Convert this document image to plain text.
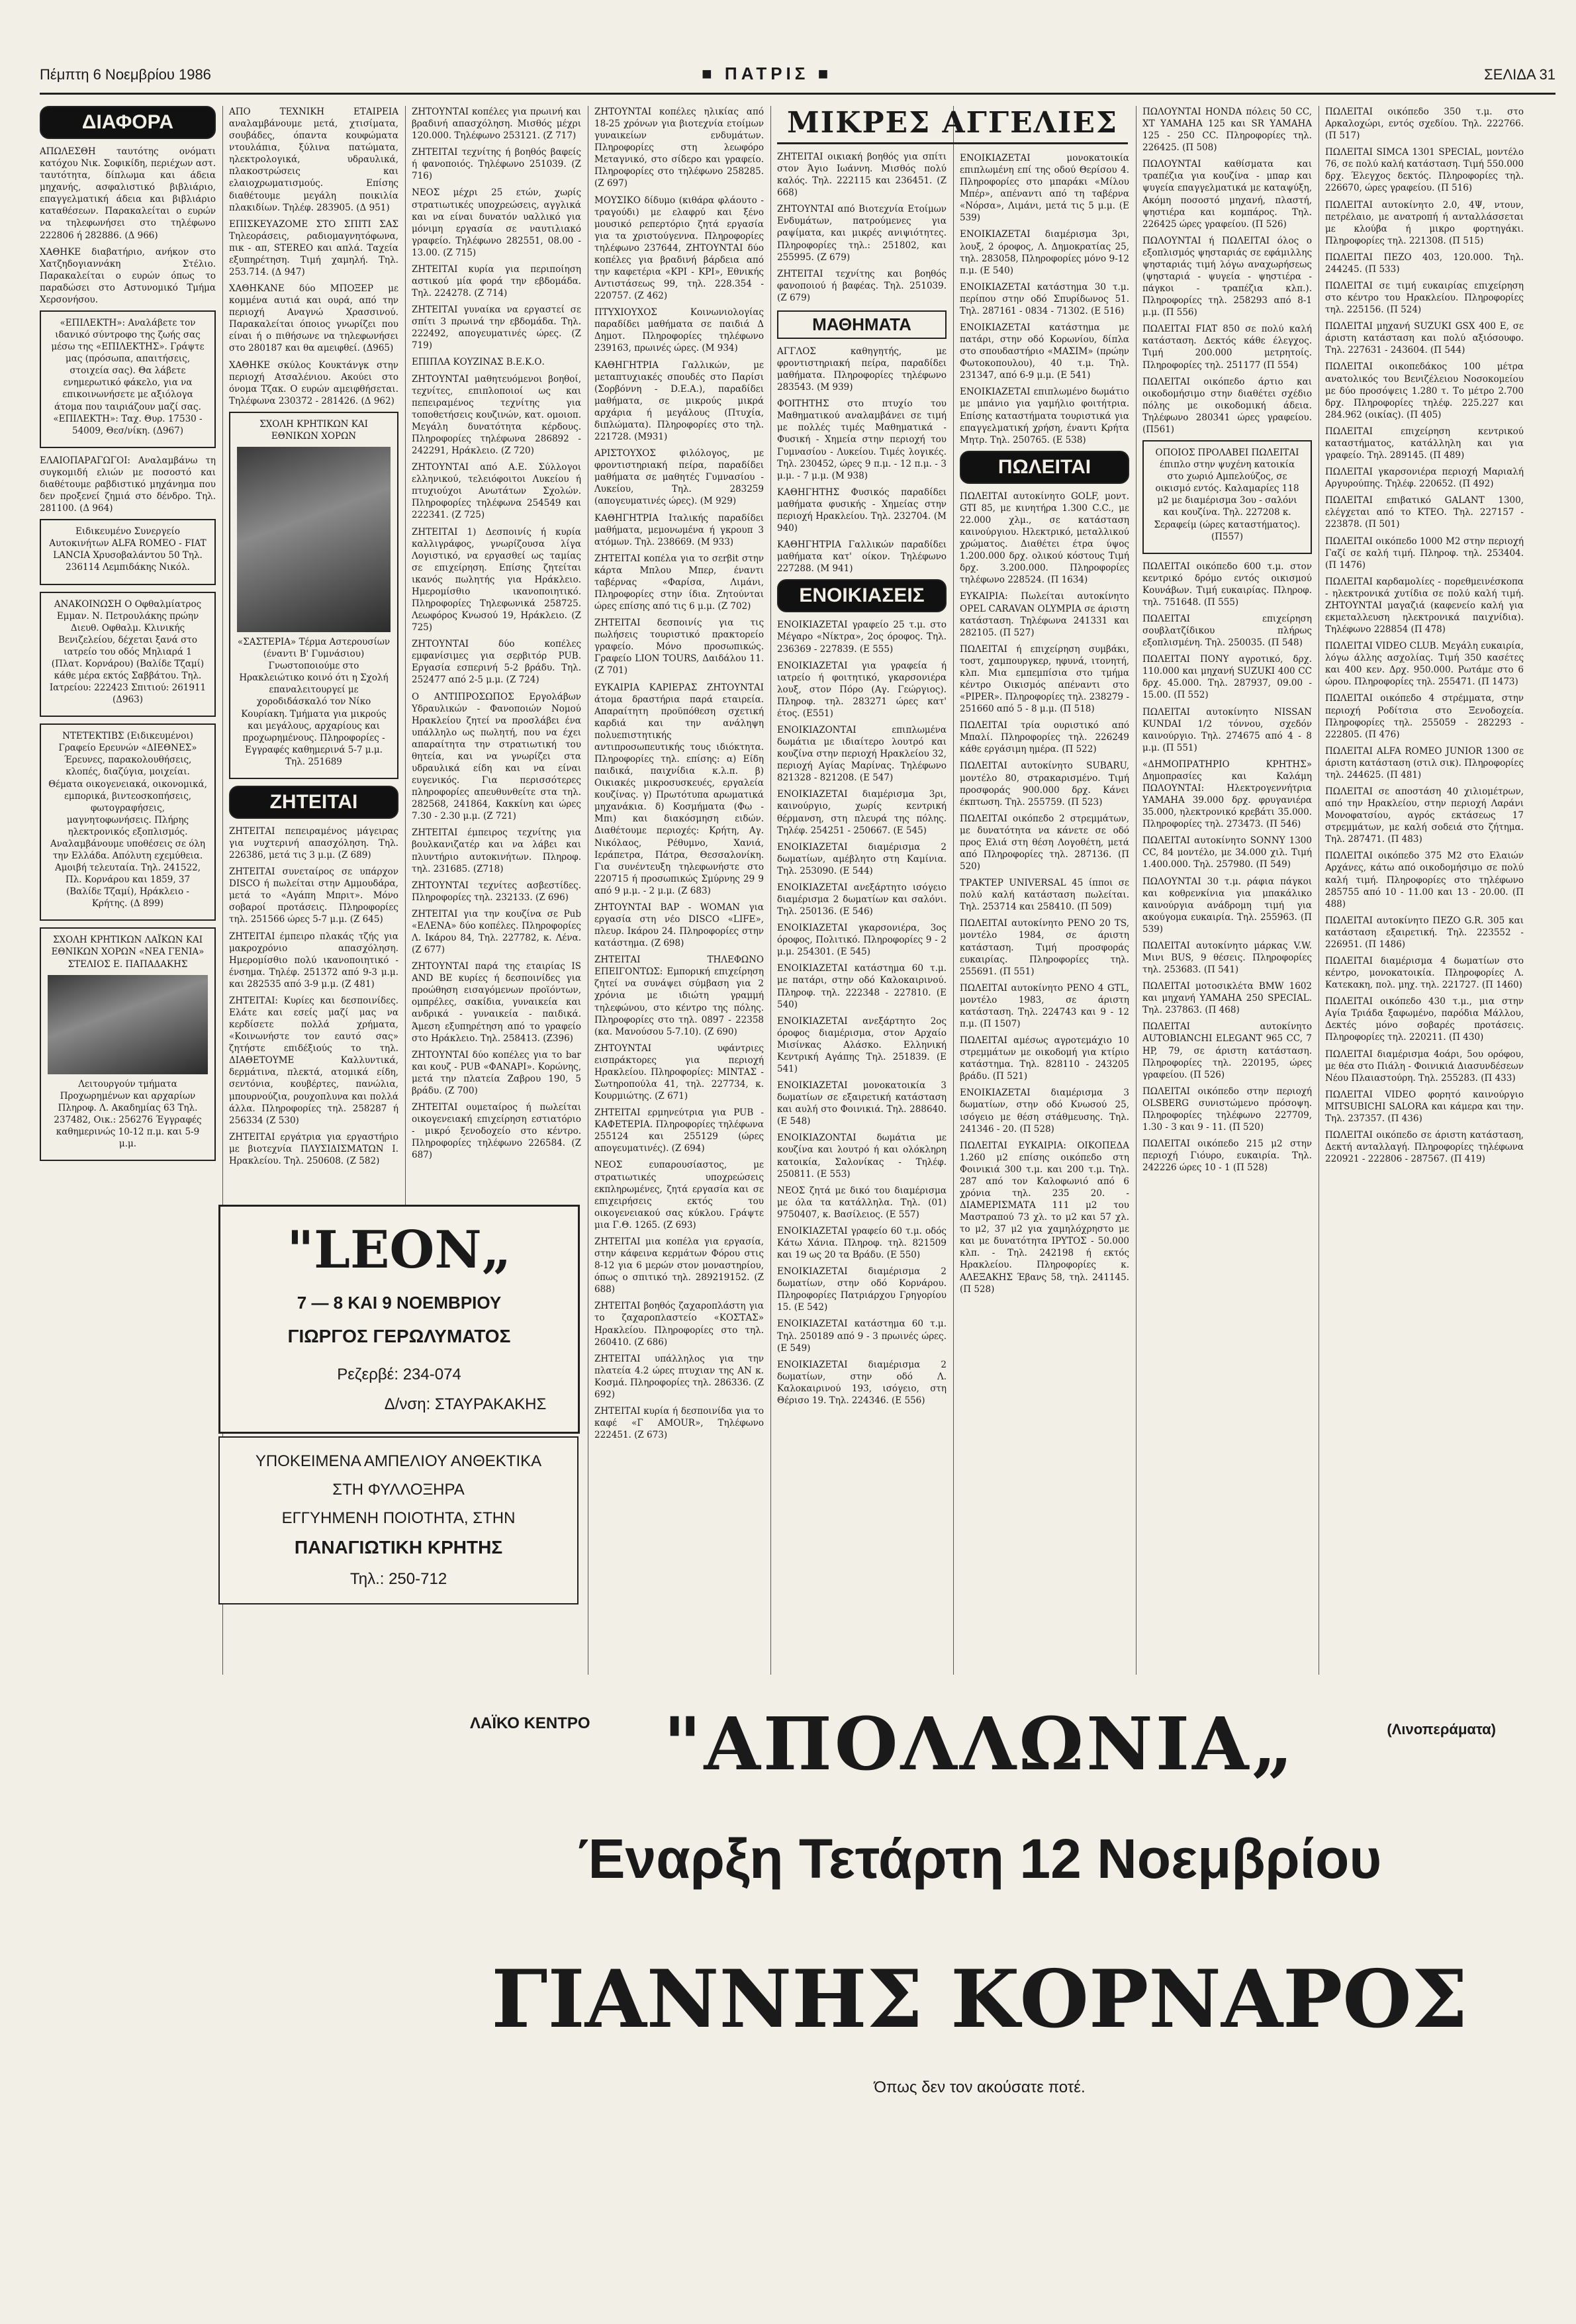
Πέμπτη 6 Νοεμβρίου 1986	■ ΠΑΤΡΙΣ ■	ΣΕΛΙΔΑ 31
ΔΙΑΦΟΡΑ

ΑΠΩΛΕΣΘΗ ταυτότης ονόματι κατόχου Νικ. Σοφικίδη, περιέχων αστ. ταυτότητα, δίπλωμα και άδεια μηχανής, ασφαλιστικό βιβλιάριο, επαγγελματική άδεια και βιβλιάριο καταθέσεων. Παρακαλείται ο ευρών να τηλεφωνήσει στο τηλέφωνο 222806 ή 282886. (Δ 966)

ΧΑΘΗΚΕ διαβατήριο, ανήκον στο Χατζηδογιαννάκη Στέλιο. Παρακαλείται ο ευρών όπως το παραδώσει στο Αστυνομικό Τμήμα Χερσονήσου.

«ΕΠΙΛΕΚΤΗ»: Αναλάβετε τον ιδανικό σύντροφο της ζωής σας μέσω της «ΕΠΙΛΕΚΤΗΣ». Γράψτε μας (πρόσωπα, απαιτήσεις, στοιχεία σας). Θα λάβετε ενημερωτικό φάκελο, για να επικοινωνήσετε με αξιόλογα άτομα που ταιριάζουν μαζί σας. «ΕΠΙΛΕΚΤΗ»: Ταχ. Θυρ. 17530 - 54009, Θεσ/νίκη. (Δ967)

ΕΛΑΙΟΠΑΡΑΓΩΓΟΙ: Αναλαμβάνω τη συγκομιδή ελιών με ποσοστό και διαθέτουμε ραβδιστικό μηχάνημα που δεν προξενεί ζημιά στο δένδρο. Τηλ. 281100. (Δ 964)

Ειδικευμένο Συνεργείο Αυτοκινήτων ALFA ROMEO - FIAT LANCIA Χρυσοβαλάντου 50 Τηλ. 236114 Λεμπιδάκης Νικόλ.

ΑΝΑΚΟΙΝΩΣΗ Ο Οφθαλμίατρος Εμμαν. Ν. Πετρουλάκης πρώην Διευθ. Οφθαλμ. Κλινικής Βενιζελείου, δέχεται ξανά στο ιατρείο του οδός Μηλιαρά 1 (Πλατ. Κορνάρου) (Βαλίδε Τζαμί) κάθε μέρα εκτός Σαββάτου. Τηλ. Ιατρείου: 222423 Σπιτιού: 261911 (Δ963)

ΝΤΕΤΕΚΤΙΒΣ (Ειδικευμένοι) Γραφείο Ερευνών «ΔΙΕΘΝΕΣ» Έρευνες, παρακολουθήσεις, κλοπές, διαζύγια, μοιχείαι. Θέματα οικογενειακά, οικονομικά, εμπορικά, βιντεοσκοπήσεις, φωτογραφήσεις, μαγνητοφωνήσεις. Πλήρης ηλεκτρονικός εξοπλισμός. Αναλαμβάνουμε υποθέσεις σε όλη την Ελλάδα. Απόλυτη εχεμύθεια. Αμοιβή τελευταία. Τηλ. 241522, Πλ. Κορνάρου και 1859, 37 (Βαλίδε Τζαμί), Ηράκλειο - Κρήτης. (Δ 899)

ΣΧΟΛΗ ΚΡΗΤΙΚΩΝ ΛΑΪΚΩΝ ΚΑΙ ΕΘΝΙΚΩΝ ΧΟΡΩΝ «ΝΕΑ ΓΕΝΙΑ» ΣΤΕΛΙΟΣ Ε. ΠΑΠΑΔΑΚΗΣ

Λειτουργούν τμήματα Προχωρημένων και αρχαρίων Πληροφ. Λ. Ακαδημίας 63 Τηλ. 237482, Οικ.: 256276 Έγγραφές καθημερινώς 10-12 π.μ. και 5-9 μ.μ.

ΑΠΟ ΤΕΧΝΙΚΗ ΕΤΑΙΡΕΙΑ αναλαμβάνουμε μετά, χτισίματα, σουβάδες, όπαντα κουφώματα ντουλάπια, ξύλινα πατώματα, ηλεκτρολογικά, υδραυλικά, πλακοστρώσεις και ελαιοχρωματισμούς. Επίσης διαθέτουμε μεγάλη ποικιλία πλακιδίων. Τηλέφ. 283905. (Δ 951)

ΕΠΙΣΚΕΥΑΖΟΜΕ ΣΤΟ ΣΠΙΤΙ ΣΑΣ Τηλεοράσεις, ραδιομαγνητόφωνα, πικ - απ, STEREO και απλά. Ταχεία εξυπηρέτηση. Τιμή χαμηλή. Τηλ. 253.714. (Δ 947)

ΧΑΘΗΚΑΝΕ δύο ΜΠΟΞΕΡ με κομμένα αυτιά και ουρά, από την περιοχή Αναγνώ Χρασσινού. Παρακαλείται όποιος γνωρίζει που είναι ή ο πιθήσωνε να τηλεφωνήσει στο 280187 και θα αμειφθεί. (Δ965)

ΧΑΘΗΚΕ σκύλος Κουκτάνγκ στην περιοχή Ατσαλένιου. Ακούει στο όνομα Τζακ. Ο ευρών αμειφθήσεται. Τηλέφωνα 230372 - 281426. (Δ 962)

ΣΧΟΛΗ ΚΡΗΤΙΚΩΝ ΚΑΙ ΕΘΝΙΚΩΝ ΧΟΡΩΝ

«ΣΑΣΤΕΡΙΑ» Τέρμα Αστερουσίων (έναντι Β' Γυμνάσιου) Γνωστοποιούμε στο Ηρακλειώτικο κοινό ότι η Σχολή επαναλειτουργεί με χοροδιδάσκαλό τον Νίκο Κουρίακη. Τμήματα για μικρούς και μεγάλους, αρχαρίους και προχωρημένους. Πληροφορίες - Εγγραφές καθημερινά 5-7 μ.μ. Τηλ. 251689

ΖΗΤΕΙΤΑΙ

ΖΗΤΕΙΤΑΙ πεπειραμένος μάγειρας για νυχτερινή απασχόληση. Τηλ. 226386, μετά τις 3 μ.μ. (Ζ 689)

ΖΗΤΕΙΤΑΙ συνεταίρος σε υπάρχον DISCO ή πωλείται στην Αμμουδάρα, μετά το «Αγάπη Μπριτ». Μόνο σοβαροί προτάσεις. Πληροφορίες τηλ. 251566 ώρες 5-7 μ.μ. (Ζ 645)

ΖΗΤΕΙΤΑΙ έμπειρο πλακάς τζής για μακροχρόνιο απασχόληση. Ημερομίσθιο πολύ ικανοποιητικό - ένσημα. Τηλέφ. 251372 από 9-3 μ.μ. και 282535 από 3-9 μ.μ. (Z 481)

ΖΗΤΕΙΤΑΙ: Κυρίες και δεσποινίδες. Ελάτε και εσείς μαζί μας να κερδίσετε πολλά χρήματα, «Κοινωνήστε τον εαυτό σας» ζητήστε επιδέξιούς το τηλ. ΔΙΑΘΕΤΟΥΜΕ Καλλυντικά, δερμάτινα, πλεκτά, ατομικά είδη, σεντόνια, κουβέρτες, πανώλια, μπουρνούζια, ρουχοπλυνα και πολλά άλλα. Πληροφορίες τηλ. 258287 ή 256334 (Ζ 530)

ΖΗΤΕΙΤΑΙ εργάτρια για εργαστήριο με βιοτεχνία ΠΛΥΣΙΔΙΣΜΑΤΩΝ Ι. Ηρακλείου. Τηλ. 250608. (Ζ 582)

ΖΗΤΟΥΝΤΑΙ κοπέλες για πρωινή και βραδινή απασχόληση. Μισθός μέχρι 120.000. Τηλέφωνο 253121. (Ζ 717)

ΖΗΤΕΙΤΑΙ τεχνίτης ή βοηθός βαφείς ή φανοποιός. Τηλέφωνο 251039. (Ζ 716)

ΝΕΟΣ μέχρι 25 ετών, χωρίς στρατιωτικές υποχρεώσεις, αγγλικά και να είναι δυνατόν υαλλικό για μόνιμη εργασία σε ναυτιλιακό γραφείο. Τηλέφωνο 282551, 08.00 - 13.00. (Ζ 715)

ΖΗΤΕΙΤΑΙ κυρία για περιποίηση αστικού μία φορά την εβδομάδα. Τηλ. 224278. (Ζ 714)

ΖΗΤΕΙΤΑΙ γυναίκα να εργαστεί σε σπίτι 3 πρωινά την εβδομάδα. Τηλ. 222492, απογευματινές ώρες. (Ζ 719)

ΕΠΙΠΛΑ ΚΟΥΖΙΝΑΣ Β.Ε.Κ.Ο.

ΖΗΤΟΥΝΤΑΙ μαθητευόμενοι βοηθοί, τεχνίτες, επιπλοποιοί ως και πεπειραμένος τεχνίτης για τοποθετήσεις κουζινών, κατ. ομοιοπ. Μεγάλη δυνατότητα κέρδους. Πληροφορίες τηλέφωνα 286892 - 242291, Ηράκλειο. (Ζ 720)

ΖΗΤΟΥΝΤΑΙ από Α.Ε. Σύλλογοι ελληνικού, τελειόφοιτοι Λυκείου ή πτυχιούχοι Ανωτάτων Σχολών. Πληροφορίες τηλέφωνα 254549 και 222341. (Ζ 725)

ΖΗΤΕΙΤΑΙ 1) Δεσποινίς ή κυρία καλλιγράφος, γνωρίζουσα λίγα Λογιστικό, να εργασθεί ως ταμίας σε επιχείρηση. Επίσης ζητείται ικανός πωλητής για Ηράκλειο. Ημερομίσθιο ικανοποιητικό. Πληροφορίες Τηλεφωνικά 258725. Λεωφόρος Κνωσού 19, Ηράκλειο. (Ζ 725)

ΖΗΤΟΥΝΤΑΙ δύο κοπέλες εμφανίσιμες για σερβιτόρ PUB. Εργασία εσπερινή 5-2 βράδυ. Τηλ. 252477 από 2-5 μ.μ. (Ζ 724)

Ο ΑΝΤΙΠΡΟΣΩΠΟΣ Εργολάβων Υδραυλικών - Φανοποιών Νομού Ηρακλείου ζητεί να προσλάβει ένα υπάλληλο ως πωλητή, που να έχει απαραίτητα την στρατιωτική του θητεία, και να γνωρίζει στα υδραυλικά είδη και να είναι ευγενικός. Για περισσότερες πληροφορίες απευθυνθείτε στα τηλ. 282568, 241864, Κακκίνη και ώρες 7.30 - 2.30 μ.μ. (Ζ 721)

ΖΗΤΕΙΤΑΙ έμπειρος τεχνίτης για βουλκανιζατέρ και να λάβει και πλυντήριο αυτοκινήτων. Πληροφ. τηλ. 231685. (Ζ718)

ΖΗΤΟΥΝΤΑΙ τεχνίτες ασβεστίδες. Πληροφορίες τηλ. 232133. (Ζ 696)

ΖΗΤΕΙΤΑΙ για την κουζίνα σε Pub «ΕΛΕΝΑ» δύο κοπέλες. Πληροφορίες Λ. Ικάρου 84, Τηλ. 227782, κ. Λένα. (Ζ 677)

ΖΗΤΟΥΝΤΑΙ παρά της εταιρίας IS AND BE κυρίες ή δεσποινίδες για προώθηση εισαγόμενων προϊόντων, ομπρέλες, σακίδια, γυναικεία και ανδρικά - γυναικεία - παιδικά. Άμεση εξυπηρέτηση από το γραφείο στο Ηράκλειο. Τηλ. 258413. (Ζ396)

ΖΗΤΟΥΝΤΑΙ δύο κοπέλες για το bar και κουζ - PUB «ΦΑΝΑΡΙ». Κορώνης, μετά την πλατεία Ζαβρου 190, 5 βράδυ. (Ζ 700)

ΖΗΤΕΙΤΑΙ ουμεταίρος ή πωλείται οικογενειακή επιχείρηση εστιατόριο - μικρό ξενοδοχείο στο κέντρο. Πληροφορίες τηλέφωνο 226584. (Ζ 687)

ΖΗΤΟΥΝΤΑΙ κοπέλες ηλικίας από 18-25 χρόνων για βιοτεχνία ετοίμων γυναικείων ενδυμάτων. Πληροφορίες στη λεωφόρο Μεταγνικό, στο σίδερο και γραφείο. Πληροφορίες στο τηλέφωνο 258285. (Ζ 697)

ΜΟΥΣΙΚΟ δίδυμο (κιθάρα φλάουτο - τραγούδι) με ελαφρύ και ξένο μουσικό ρεπερτόριο ζητά εργασία για τα χριστούγεννα. Πληροφορίες τηλέφωνο 237644, ΖΗΤΟΥΝΤΑΙ δύο κοπέλες για βραδινή βάρδεια από την καφετέρια «ΚΡΙ - ΚΡΙ», Εθνικής Αντιστάσεως 99, τηλ. 228.354 - 220757. (Ζ 462)

ΠΤΥΧΙΟΥΧΟΣ Κοινωνιολογίας παραδίδει μαθήματα σε παιδιά Δ Δημοτ. Πληροφορίες τηλέφωνο 239163, πρωινές ώρες. (Μ 934)

ΚΑΘΗΓΗΤΡΙΑ Γαλλικών, με μεταπτυχιακές σπουδές στο Παρίσι (Σορβόννη - D.E.A.), παραδίδει μαθήματα, σε μικρούς μικρά αρχάρια ή μεγάλους (Πτυχία, διπλώματα). Πληροφορίες στο τηλ. 221728. (Μ931)

ΑΡΙΣΤΟΥΧΟΣ φιλόλογος, με φροντιστηριακή πείρα, παραδίδει μαθήματα σε μαθητές Γυμνασίου - Λυκείου, Τηλ. 283259 (απογευματινές ώρες). (Μ 929)

ΚΑΘΗΓΗΤΡΙΑ Ιταλικής παραδίδει μαθήματα, μεμονωμένα ή γκρουπ 3 ατόμων. Τηλ. 238669. (Μ 933)

ΖΗΤΕΙΤΑΙ κοπέλα για το σεrβit στην κάρτα Μπλου Μπερ, έναντι ταβέρνας «Φαρίσα, Λιμάνι, Πληροφορίες στην ίδια. Ζητούνται ώρες επίσης από τις 6 μ.μ. (Ζ 702)

ΖΗΤΕΙΤΑΙ δεσποινίς για τις πωλήσεις τουριστικό πρακτορείο γραφείο. Μόνο προσωπικώς. Γραφείο LION TOURS, Δαιδάλου 11. (Ζ 701)

ΕΥΚΑΙΡΙΑ ΚΑΡΙΕΡΑΣ ΖΗΤΟΥΝΤΑΙ άτομα δραστήρια παρά εταιρεία. Απαραίτητη προϋπόθεση σχετική καρδιά και την ανάληψη πολυεπιστητικής αντιπροσωπευτικής τους ιδιόκτητα. Πληροφορίες τηλ. επίσης: α) Είδη παιδικά, παιχνίδια κ.λ.π. β) Οικιακές μικροσυσκευές, εργαλεία κουζίνας. γ) Πρωτότυπα αρωματικά μηχανάκια. δ) Κοσμήματα (Φω - Μπι) και διακόσμηση ειδών. Διαθέτουμε περιοχές: Κρήτη, Αγ. Νικόλαος, Ρέθυμνο, Χανιά, Ιεράπετρα, Πάτρα, Θεσσαλονίκη. Για συνέντευξη τηλεφωνήστε στο 220715 ή προσωπικώς Σμύρνης 29 9 από 9 μ.μ. - 2 μ.μ. (Ζ 683)

ΖΗΤΟΥΝΤΑΙ ΒΑΡ - WOMAN για εργασία στη νέο DISCO «LIFE», πλευρ. Ικάρου 24. Πληροφορίες στην κατάστημα. (Ζ 698)

ΖΗΤΕΙΤΑΙ ΤΗΛΕΦΩΝΟ ΕΠΕΙΓΟΝΤΩΣ: Εμπορική επιχείρηση ζητεί να συνάψει σύμβαση για 2 χρόνια με ιδιώτη γραμμή τηλεφώνου, στο κέντρο της πόλης. Πληροφορίες στο τηλ. 0897 - 22358 (κα. Μανούσου 5-7.10). (Ζ 690)

ΖΗΤΟΥΝΤΑΙ υφάντριες εισπράκτορες για περιοχή Ηρακλείου. Πληροφορίες: ΜΙΝΤΑΣ - Σωτηροπούλα 41, τηλ. 227734, κ. Κουρμιώτης. (Ζ 671)

ΖΗΤΕΙΤΑΙ ερμηνεύτρια για PUB - ΚΑΦΕΤΕΡΙΑ. Πληροφορίες τηλέφωνα 255124 και 255129 (ώρες απογευματινές). (Ζ 694)

ΝΕΟΣ ευπαρουσίαστος, με στρατιωτικές υποχρεώσεις εκπληρωμένες, ζητά εργασία και σε επιχειρήσεις εκτός του οικογενειακού σας κύκλου. Γράψτε μια Γ.Θ. 1265. (Ζ 693)

ΖΗΤΕΙΤΑΙ μια κοπέλα για εργασία, στην κάφεινα κερμάτων Φόρου στις 8-12 για 6 μερών στον μοναστηρίου, όπως ο σπιτικό τηλ. 289219152. (Ζ 688)

ΖΗΤΕΙΤΑΙ βοηθός ζαχαροπλάστη για το ζαχαροπλαστείο «ΚΟΣΤΑΣ» Ηρακλείου. Πληροφορίες στο τηλ. 260410. (Ζ 686)

ΖΗΤΕΙΤΑΙ υπάλληλος για την πλατεία 4.2 ώρες πτυχιαν της ΑΝ κ. Κοσμά. Πληροφορίες τηλ. 286336. (Ζ 692)

ΖΗΤΕΙΤΑΙ κυρία ή δεσποινίδα για το καφέ «Γ AMOUR», Τηλέφωνο 222451. (Ζ 673)

ΜΙΚΡΕΣ ΑΓΓΕΛΙΕΣ

ΖΗΤΕΙΤΑΙ οικιακή βοηθός για σπίτι στον Άγιο Ιωάννη. Μισθός πολύ καλός. Τηλ. 222115 και 236451. (Ζ 668)

ΖΗΤΟΥΝΤΑΙ από Βιοτεχνία Ετοίμων Ενδυμάτων, πατρούμενες για ραψίματα, και μικρές ανιψιότητες. Πληροφορίες τηλ.: 251802, και 255995. (Ζ 679)

ΖΗΤΕΙΤΑΙ τεχνίτης και βοηθός φανοποιού ή βαφέας. Τηλ. 251039. (Ζ 679)

ΜΑΘΗΜΑΤΑ

ΑΓΓΛΟΣ καθηγητής, με φροντιστηριακή πείρα, παραδίδει μαθήματα. Πληροφορίες τηλέφωνο 283543. (Μ 939)

ΦΟΙΤΗΤΗΣ στο πτυχίο του Μαθηματικού αναλαμβάνει σε τιμή με πολλές τιμές Μαθηματικά - Φυσική - Χημεία στην περιοχή του Γυμνασίου - Λυκείου. Τιμές λογικές. Τηλ. 230452, ώρες 9 π.μ. - 12 π.μ. - 3 μ.μ. - 7 μ.μ. (Μ 938)

ΚΑΘΗΓΗΤΗΣ Φυσικός παραδίδει μαθήματα φυσικής - Χημείας στην περιοχή Ηρακλείου. Τηλ. 232704. (Μ 940)

ΚΑΘΗΓΗΤΡΙΑ Γαλλικών παραδίδει μαθήματα κατ' οίκον. Τηλέφωνο 227288. (Μ 941)

ΕΝΟΙΚΙΑΣΕΙΣ

ΕΝΟΙΚΙΑΖΕΤΑΙ γραφείο 25 τ.μ. στο Μέγαρο «Νίκτρα», 2ος όροφος. Τηλ. 236369 - 227839. (Ε 555)

ΕΝΟΙΚΙΑΖΕΤΑΙ για γραφεία ή ιατρείο ή φοιτητικό, γκαρσονιέρα λουξ, στον Πόρο (Αγ. Γεώργιος). Πληροφ. τηλ. 283271 ώρες κατ' έτος. (Ε551)

ΕΝΟΙΚΙΑΖΟΝΤΑΙ επιπλωμένα δωμάτια με ιδιαίτερο λουτρό και κουζίνα στην περιοχή Ηρακλείου 32, περιοχή Αγίας Μαρίνας. Τηλέφωνο 821328 - 821208. (Ε 547)

ΕΝΟΙΚΙΑΖΕΤΑΙ διαμέρισμα 3ρι, καινούργιο, χωρίς κεντρική θέρμανση, στη πλευρά της πόλης. Τηλέφ. 254251 - 250667. (Ε 545)

ΕΝΟΙΚΙΑΖΕΤΑΙ διαμέρισμα 2 δωματίων, αμέβλητο στη Καμίνια. Τηλ. 253090. (Ε 544)

ΕΝΟΙΚΙΑΖΕΤΑΙ ανεξάρτητο ισόγειο διαμέρισμα 2 δωματίων και σαλόνι. Τηλ. 250136. (Ε 546)

ΕΝΟΙΚΙΑΖΕΤΑΙ γκαρσονιέρα, 3ος όροφος, Πολιτικό. Πληροφορίες 9 - 2 μ.μ. 254301. (Ε 545)

ΕΝΟΙΚΙΑΖΕΤΑΙ κατάστημα 60 τ.μ. με πατάρι, στην οδό Καλοκαιρινού. Πληροφ. τηλ. 222348 - 227810. (Ε 540)

ΕΝΟΙΚΙΑΖΕΤΑΙ ανεξάρτητο 2ος όροφος διαμέρισμα, στον Αρχαίο Μισίνκας Αλάσκο. Ελληνική Κεντρική Αγάπης Τηλ. 251839. (Ε 541)

ΕΝΟΙΚΙΑΖΕΤΑΙ μονοκατοικία 3 δωματίων σε εξαιρετική κατάσταση και αυλή στο Φοινικιά. Τηλ. 288640. (Ε 548)

ΕΝΟΙΚΙΑΖΟΝΤΑΙ δωμάτια με κουζίνα και λουτρό ή και ολόκληρη κατοικία, Σαλονίκας - Τηλέφ. 250811. (Ε 553)

ΝΕΟΣ ζητά με δικό του διαμέρισμα με όλα τα κατάλληλα. Τηλ. (01) 9750407, κ. Βασίλειος. (Ε 557)

ΕΝΟΙΚΙΑΖΕΤΑΙ γραφείο 60 τ.μ. οδός Κάτω Χάνια. Πληροφ. τηλ. 821509 και 19 ως 20 τα Βράδυ. (Ε 550)

ΕΝΟΙΚΙΑΖΕΤΑΙ διαμέρισμα 2 δωματίων, στην οδό Κορνάρου. Πληροφορίες Πατριάρχου Γρηγορίου 15. (Ε 542)

ΕΝΟΙΚΙΑΖΕΤΑΙ κατάστημα 60 τ.μ. Τηλ. 250189 από 9 - 3 πρωινές ώρες. (Ε 549)

ΕΝΟΙΚΙΑΖΕΤΑΙ διαμέρισμα 2 δωματίων, στην οδό Λ. Καλοκαιρινού 193, ισόγειο, στη Θέρισο 19. Τηλ. 224346. (Ε 556)

ΕΝΟΙΚΙΑΖΕΤΑΙ μονοκατοικία επιπλωμένη επί της οδού Θερίσου 4. Πληροφορίες στο μπαράκι «Μίλου Μπέρ», απέναντι από τη ταβέρνα «Νόρσα», Λιμάνι, μετά τις 5 μ.μ. (Ε 539)

ΕΝΟΙΚΙΑΖΕΤΑΙ διαμέρισμα 3ρι, λουξ, 2 όροφος, Λ. Δημοκρατίας 25, τηλ. 283058, Πληροφορίες μόνο 9-12 π.μ. (Ε 540)

ΕΝΟΙΚΙΑΖΕΤΑΙ κατάστημα 30 τ.μ. περίπου στην οδό Σπυρίδωνος 51. Τηλ. 287161 - 0834 - 71302. (Ε 516)

ΕΝΟΙΚΙΑΖΕΤΑΙ κατάστημα με πατάρι, στην οδό Κορωνίου, δίπλα στο σπουδαστήριο «ΜΑΣΙΜ» (πρώην Φωτοκοπουλου), 40 τ.μ. Τηλ. 231347, από 6-9 μ.μ. (Ε 541)

ΕΝΟΙΚΙΑΖΕΤΑΙ επιπλωμένο δωμάτιο με μπάνιο για γαμήλιο φοιτήτρια. Επίσης καταστήματα τουριστικά για επαγγελματική χρήση, έναντι Κρήτα Μητρ. Τηλ. 250765. (Ε 538)

ΠΩΛΕΙΤΑΙ

ΠΩΛΕΙΤΑΙ αυτοκίνητο GOLF, μοντ. GTI 85, με κινητήρα 1.300 C.C., με 22.000 χλμ., σε κατάσταση καινούργιου. Ηλεκτρικό, μεταλλικού χρώματος. Διαθέτει έτρα ύψος 1.200.000 δρχ. ολικού κόστους Τιμή δρχ. 3.200.000. Πληροφορίες τηλέφωνο 228524. (Π 1634)

ΕΥΚΑΙΡΙΑ: Πωλείται αυτοκίνητο OPEL CARAVAN OLYMPIA σε άριστη κατάσταση. Τηλέφωνα 241331 και 282105. (Π 527)

ΠΩΛΕΙΤΑΙ ή επιχείρηση συμβάκι, τοστ, χαμπουργκερ, ηφυνά, ιτονητή, κλπ. Μια εμπεμπίσια στο τμήμα κέντρο Οικισμός απέναντι στο «PIPER». Πληροφορίες τηλ. 238279 - 251660 από 5 - 8 μ.μ. (Π 518)

ΠΩΛΕΙΤΑΙ τρία ουριστικό από Μπαλί. Πληροφορίες τηλ. 226249 κάθε εργάσιμη ημέρα. (Π 522)

ΠΩΛΕΙΤΑΙ αυτοκίνητο SUBARU, μοντέλο 80, στρακαρισμένο. Τιμή προσφοράς 900.000 δρχ. Κάνει έκπτωση. Τηλ. 255759. (Π 523)

ΠΩΛΕΙΤΑΙ οικόπεδο 2 στρεμμάτων, με δυνατότητα να κάνετε σε οδό προς Ελιά στη θέση Λογοθέτη, μετά από Πληροφορίες τηλ. 287136. (Π 520)

ΤΡΑΚΤΕΡ UNIVERSAL 45 ίπποι σε πολύ καλή κατάσταση πωλείται. Τηλ. 253714 και 258410. (Π 509)

ΠΩΛΕΙΤΑΙ αυτοκίνητο ΡΕΝΟ 20 TS, μοντέλο 1984, σε άριστη κατάσταση. Τιμή προσφοράς ευκαιρίας. Πληροφορίες τηλ. 255691. (Π 551)

ΠΩΛΕΙΤΑΙ αυτοκίνητο ΡΕΝΟ 4 GTL, μοντέλο 1983, σε άριστη κατάσταση. Τηλ. 224743 και 9 - 12 π.μ. (Π 1507)

ΠΩΛΕΙΤΑΙ αμέσως αγροτεμάχιο 10 στρεμμάτων με οικοδομή για κτίριο κατάστημα. Τηλ. 828110 - 243205 βράδυ. (Π 521)

ΕΝΟΙΚΙΑΖΕΤΑΙ διαμέρισμα 3 δωματίων, στην οδό Κνωσού 25, ισόγειο με θέση στάθμευσης. Τηλ. 241346 - 20. (Π 528)

ΠΩΛΕΙΤΑΙ ΕΥΚΑΙΡΙΑ: ΟΙΚΟΠΕΔΑ 1.260 μ2 επίσης οικόπεδο στη Φοινικιά 300 τ.μ. και 200 τ.μ. Τηλ. 287 από τον Καλοφωνιό από 6 χρόνια τηλ. 235 20. - ΔΙΑΜΕΡΙΣΜΑΤΑ 111 μ2 του Μαστραπού 73 χλ. το μ2 και 57 χλ. το μ2, 37 μ2 για χαμηλόχρηστο με και με δυνατότητα ΙΡΥΤΟΣ - 50.000 κλπ. - Τηλ. 242198 ή εκτός Ηρακλείου. Πληροφορίες κ. ΑΛΕΞΑΚΗΣ Έβανς 58, τηλ. 241145. (Π 528)

ΠΩΛΟΥΝΤΑΙ HONDA πόλεις 50 CC, ΧΤ ΥΑΜΑΗΑ 125 και SR ΥΑΜΑΗΑ 125 - 250 CC. Πληροφορίες τηλ. 226425. (Π 508)

ΠΩΛΟΥΝΤΑΙ καθίσματα και τραπέζια για κουζίνα - μπαρ και ψυγεία επαγγελματικά με καταψύξη, Ακόμη ποσοστό μηχανή, πλαστή, ψηστιέρα και κομπάρος. Τηλ. 226425 ώρες γραφείου. (Π 526)

ΠΩΛΟΥΝΤΑΙ ή ΠΩΛΕΙΤΑΙ όλος ο εξοπλισμός ψησταριάς σε εφάμιλλης ψησταριάς τιμή λόγω αναχωρήσεως (ψησταριά - ψυγεία - ψηστιέρα - πάγκοι - τραπέζια κλπ.). Πληροφορίες τηλ. 258293 από 8-1 μ.μ. (Π 556)

ΠΩΛΕΙΤΑΙ FIAT 850 σε πολύ καλή κατάσταση. Δεκτός κάθε έλεγχος. Τιμή 200.000 μετρητοίς. Πληροφορίες τηλ. 251177 (Π 554)

ΠΩΛΕΙΤΑΙ οικόπεδο άρτιο και οικοδομήσιμο στην διαθέτει σχέδιο πόλης με οικοδομική άδεια. Τηλέφωνο 280341 ώρες γραφείου. (Π561)

ΟΠΟΙΟΣ ΠΡΟΛΑΒΕΙ ΠΩΛΕΙΤΑΙ έπιπλο στην ψυχένη κατοικία στο χωριό Αμπελούζος, σε οικισμό εντός. Καλαμαρίες 118 μ2 με διαμέρισμα 3ου - σαλόνι και κουζίνα. Τηλ. 227208 κ. Σεραφείμ (ώρες καταστήματος). (Π557)

ΠΩΛΕΙΤΑΙ οικόπεδο 600 τ.μ. στον κεντρικό δρόμο εντός οικισμού Κουνάβων. Τιμή ευκαιρίας. Πληροφ. τηλ. 751648. (Π 555)

ΠΩΛΕΙΤΑΙ επιχείρηση σουβλατζίδικου πλήρως εξοπλισμένη. Τηλ. 250035. (Π 548)

ΠΩΛΕΙΤΑΙ ΠΟΝΥ αγροτικό, δρχ. 110.000 και μηχανή SUZUKI 400 CC δρχ. 45.000. Τηλ. 287937, 09.00 - 15.00. (Π 552)

ΠΩΛΕΙΤΑΙ αυτοκίνητο NISSAN KUNDAI 1/2 τόννου, σχεδόν καινούργιο. Τηλ. 274675 από 4 - 8 μ.μ. (Π 551)

«ΔΗΜΟΠΡΑΤΗΡΙΟ ΚΡΗΤΗΣ» Δημοπρασίες και Καλάμη ΠΩΛΟΥΝΤΑΙ: Ηλεκτρογεννήτρια ΥΑΜΑΗΑ 39.000 δρχ. φρυγανιέρα 35.000, ηλεκτρονικό κρεβάτι 35.000. Πληροφορίες τηλ. 273473. (Π 546)

ΠΩΛΕΙΤΑΙ αυτοκίνητο SONNY 1300 CC, 84 μοντέλο, με 34.000 χιλ. Τιμή 1.400.000. Τηλ. 257980. (Π 549)

ΠΩΛΟΥΝΤΑΙ 30 τ.μ. ράφια πάγκοι και κοθρενκίνια για μπακάλικο καινούργια ανάδρομη τιμή για ακούγομα ευκαιρία. Τηλ. 255963. (Π 539)

ΠΩΛΕΙΤΑΙ αυτοκίνητο μάρκας V.W. Μινι BUS, 9 θέσεις. Πληροφορίες τηλ. 253683. (Π 541)

ΠΩΛΕΙΤΑΙ μοτοσικλέτα BMW 1602 και μηχανή ΥΑΜΑΗΑ 250 SPECIAL. Τηλ. 237863. (Π 468)

ΠΩΛΕΙΤΑΙ αυτοκίνητο AUTOBIANCHI ELEGANT 965 CC, 7 HP, 79, σε άριστη κατάσταση. Πληροφορίες τηλ. 220195, ώρες γραφείου. (Π 526)

ΠΩΛΕΙΤΑΙ οικόπεδο στην περιοχή OLSBERG συνιστώμενο πρόσοψη. Πληροφορίες τηλέφωνο 227709, 1.30 - 3 και 9 - 11. (Π 520)

ΠΩΛΕΙΤΑΙ οικόπεδο 215 μ2 στην περιοχή Γιόυρο, ευκαιρία. Τηλ. 242226 ώρες 10 - 1 (Π 528)

ΠΩΛΕΙΤΑΙ οικόπεδο 350 τ.μ. στο Αρκαλοχώρι, εντός σχεδίου. Τηλ. 222766. (Π 517)

ΠΩΛΕΙΤΑΙ SIMCA 1301 SPECIAL, μοντέλο 76, σε πολύ καλή κατάσταση. Τιμή 550.000 δρχ. Έλεγχος δεκτός. Πληροφορίες τηλ. 226670, ώρες γραφείου. (Π 516)

ΠΩΛΕΙΤΑΙ αυτοκίνητο 2.0, 4Ψ, ντουν, πετρέλαιο, με ανατροπή ή ανταλλάσσεται με κλούβα ή μικρο φορτηγάκι. Πληροφορίες τηλ. 221308. (Π 515)

ΠΩΛΕΙΤΑΙ ΠΕΖΟ 403, 120.000. Τηλ. 244245. (Π 533)

ΠΩΛΕΙΤΑΙ σε τιμή ευκαιρίας επιχείρηση στο κέντρο του Ηρακλείου. Πληροφορίες τηλ. 225156. (Π 524)

ΠΩΛΕΙΤΑΙ μηχανή SUZUKI GSX 400 E, σε άριστη κατάσταση και πολύ αξιόσουφο. Τηλ. 227631 - 243604. (Π 544)

ΠΩΛΕΙΤΑΙ οικοπεδάκος 100 μέτρα ανατολικός του Βενιζέλειου Νοσοκομείου με δύο προσόψεις 1.280 τ. Το μέτρο 2.700 δρχ. Πληροφορίες τηλέφ. 225.227 και 284.962 (οικίας). (Π 405)

ΠΩΛΕΙΤΑΙ επιχείρηση κεντρικού καταστήματος, κατάλληλη και για γραφείο. Τηλ. 289145. (Π 489)

ΠΩΛΕΙΤΑΙ γκαρσονιέρα περιοχή Μαριαλή Αργυρούπης. Τηλέφ. 220652. (Π 492)

ΠΩΛΕΙΤΑΙ επιβατικό GALANT 1300, ελέγχεται από το ΚΤΕΟ. Τηλ. 227157 - 223878. (Π 501)

ΠΩΛΕΙΤΑΙ οικόπεδο 1000 Μ2 στην περιοχή Γαζί σε καλή τιμή. Πληροφ. τηλ. 253404. (Π 1476)

ΠΩΛΕΙΤΑΙ καρδαμολίες - πορεθμεινέσκοπα - ηλεκτρονικά χυτίδια σε πολύ καλή τιμή. ΖΗΤΟΥΝΤΑΙ μαγαζιά (καφενείο καλή για εκμεταλλευση ηλεκτρονικά παιχνίδια). Τηλέφωνο 228854 (Π 478)

ΠΩΛΕΙΤΑΙ VIDEO CLUB. Μεγάλη ευκαιρία, λόγω άλλης ασχολίας. Τιμή 350 κασέτες και 400 κεν. Δρχ. 950.000. Ρωτάμε στο 6 ώρου. Πληροφορίες τηλ. 255471. (Π 1473)

ΠΩΛΕΙΤΑΙ οικόπεδο 4 στρέμματα, στην περιοχή Ροδίτσια στο Ξενοδοχεία. Πληροφορίες τηλ. 255059 - 282293 - 222805. (Π 476)

ΠΩΛΕΙΤΑΙ ALFA ROMEO JUNIOR 1300 σε άριστη κατάσταση (στιλ σικ). Πληροφορίες τηλ. 244625. (Π 481)

ΠΩΛΕΙΤΑΙ σε αποστάση 40 χιλιομέτρων, από την Ηρακλείου, στην περιοχή Λαράνι Μονοφατσίου, αγρός εκτάσεως 17 στρεμμάτων, με καλή σοδειά στο ζήτημα. Τηλ. 287471. (Π 483)

ΠΩΛΕΙΤΑΙ οικόπεδο 375 Μ2 στο Ελαιών Αρχάνες, κάτω από οικοδομήσιμο σε πολύ καλή τιμή. Πληροφορίες στο τηλέφωνο 285755 από 10 - 11.00 και 13 - 20.00. (Π 488)

ΠΩΛΕΙΤΑΙ αυτοκίνητο ΠΕΖΟ G.R. 305 και κατάσταση εξαιρετική. Τηλ. 223552 - 226951. (Π 1486)

ΠΩΛΕΙΤΑΙ διαμέρισμα 4 δωματίων στο κέντρο, μονοκατοικία. Πληροφορίες Λ. Κατεκακη, πολ. μηχ. τηλ. 221727. (Π 1460)

ΠΩΛΕΙΤΑΙ οικόπεδο 430 τ.μ., μια στην Αγία Τριάδα ξαφωμένο, παρόδια Μάλλου, Δεκτές μόνο σοβαρές προτάσεις. Πληροφορίες τηλ. 220211. (Π 430)

ΠΩΛΕΙΤΑΙ διαμέρισμα 4οάρι, 5ου ορόφου, με θέα στο Πιάλη - Φοινικιά Διασυνδέσεων Νέου Πλαιαστούρη. Τηλ. 255283. (Π 433)

ΠΩΛΕΙΤΑΙ VIDEO φορητό καινούργιο MITSUBICHI SALORA και κάμερα και την. Τηλ. 237357. (Π 436)

ΠΩΛΕΙΤΑΙ οικόπεδο σε άριστη κατάσταση, Δεκτή ανταλλαγή. Πληροφορίες τηλέφωνα 220921 - 222806 - 287567. (Π 419)

"LEON„
7 — 8 ΚΑΙ 9 ΝΟΕΜΒΡΙΟΥ
ΓΙΩΡΓΟΣ ΓΕΡΩΛΥΜΑΤΟΣ
Ρεζερβέ: 234-074
Δ/νση: ΣΤΑΥΡΑΚΑΚΗΣ
ΥΠΟΚΕΙΜΕΝΑ ΑΜΠΕΛΙΟΥ ΑΝΘΕΚΤΙΚΑ
ΣΤΗ ΦΥΛΛΟΞΗΡΑ
ΕΓΓΥΗΜΕΝΗ ΠΟΙΟΤΗΤΑ, ΣΤΗΝ
ΠΑΝΑΓΙΩΤΙΚΗ ΚΡΗΤΗΣ
Τηλ.: 250-712
ΛΑΪΚΟ ΚΕΝΤΡΟ	"ΑΠΟΛΛΩΝΙΑ„	(Λινοπεράματα)
Έναρξη Τετάρτη 12 Νοεμβρίου
ΓΙΑΝΝΗΣ ΚΟΡΝΑΡΟΣ
Όπως δεν τον ακούσατε ποτέ.
